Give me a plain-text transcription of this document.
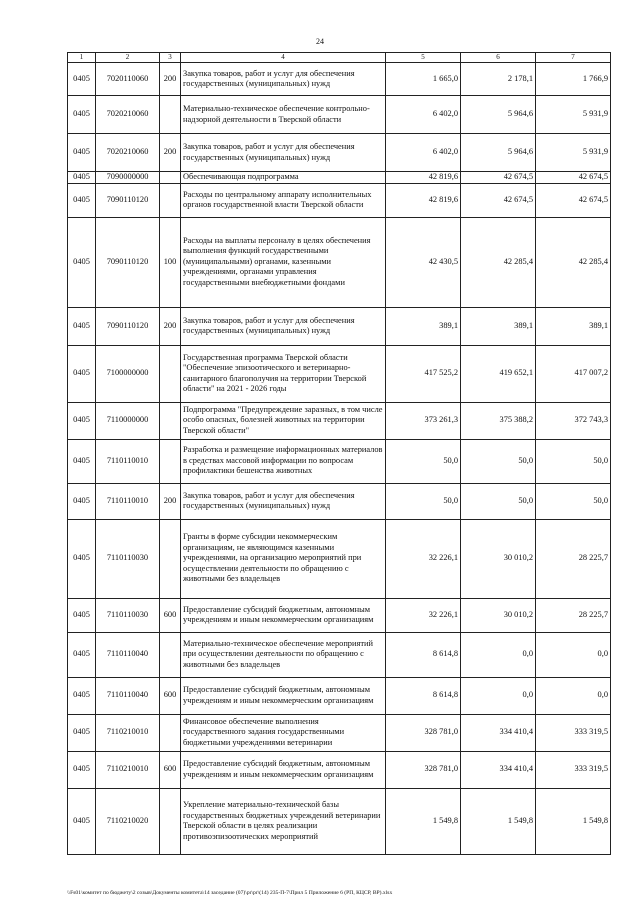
24
1	2	3	4	5	6	7
0405	7020110060	200	Закупка товаров, работ и услуг для обеспечения государственных (муниципальных) нужд	1 665,0	2 178,1	1 766,9
0405	7020210060		Материально-техническое обеспечение контрольно-надзорной деятельности в Тверской области	6 402,0	5 964,6	5 931,9
0405	7020210060	200	Закупка товаров, работ и услуг для обеспечения государственных (муниципальных) нужд	6 402,0	5 964,6	5 931,9
0405	7090000000		Обеспечивающая подпрограмма	42 819,6	42 674,5	42 674,5
0405	7090110120		Расходы по центральному аппарату исполнительных органов государственной власти Тверской области	42 819,6	42 674,5	42 674,5
0405	7090110120	100	Расходы на выплаты персоналу в целях обеспечения выполнения функций государственными (муниципальными) органами, казенными учреждениями, органами управления государственными внебюджетными фондами	42 430,5	42 285,4	42 285,4
0405	7090110120	200	Закупка товаров, работ и услуг для обеспечения государственных (муниципальных) нужд	389,1	389,1	389,1
0405	7100000000		Государственная программа Тверской области "Обеспечение эпизоотического и ветеринарно-санитарного благополучия на территории Тверской области" на 2021 - 2026 годы	417 525,2	419 652,1	417 007,2
0405	7110000000		Подпрограмма "Предупреждение заразных, в том числе особо опасных, болезней животных на территории Тверской области"	373 261,3	375 388,2	372 743,3
0405	7110110010		Разработка и размещение информационных материалов в средствах массовой информации по вопросам профилактики бешенства животных	50,0	50,0	50,0
0405	7110110010	200	Закупка товаров, работ и услуг для обеспечения государственных (муниципальных) нужд	50,0	50,0	50,0
0405	7110110030		Гранты в форме субсидии некоммерческим организациям, не являющимся казенными учреждениями, на организацию мероприятий при осуществлении деятельности по обращению с животными без владельцев	32 226,1	30 010,2	28 225,7
0405	7110110030	600	Предоставление субсидий бюджетным, автономным учреждениям и иным некоммерческим организациям	32 226,1	30 010,2	28 225,7
0405	7110110040		Материально-техническое обеспечение мероприятий при осуществлении деятельности по обращению с животными без владельцев	8 614,8	0,0	0,0
0405	7110110040	600	Предоставление субсидий бюджетным, автономным учреждениям и иным некоммерческим организациям	8 614,8	0,0	0,0
0405	7110210010		Финансовое обеспечение выполнения государственного задания государственными бюджетными учреждениями ветеринарии	328 781,0	334 410,4	333 319,5
0405	7110210010	600	Предоставление субсидий бюджетным, автономным учреждениям и иным некоммерческим организациям	328 781,0	334 410,4	333 319,5
0405	7110210020		Укрепление материально-технической базы государственных бюджетных учреждений ветеринарии Тверской области в целях реализации противоэпизоотических мероприятий	1 549,8	1 549,8	1 549,8
\\Fs01\комитет по бюджету\2 созыв\Документы комитета\14 заседание (07)\pr\pr\(14) 235-П-7\Прил 5 Приложение 6 (РП, КЦСР, ВР).xlsx
